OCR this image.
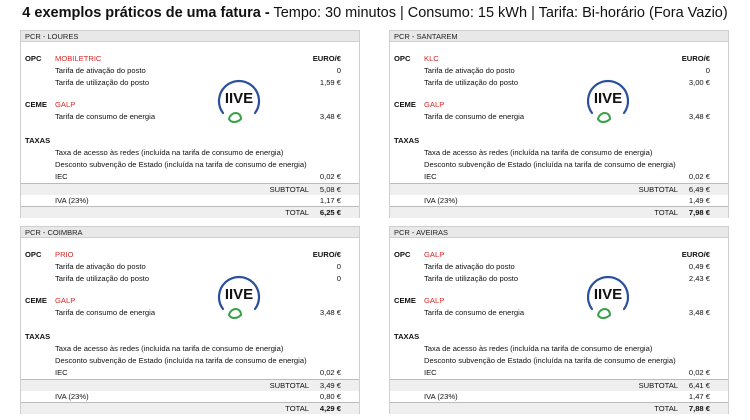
4 exemplos práticos de uma fatura - Tempo: 30 minutos | Consumo: 15 kWh | Tarifa: Bi-horário (Fora Vazio)
PCR - LOURES
OPC MOBILETRIC	EURO/€
Tarifa de ativação do posto	0
Tarifa de utilização do posto	1,59 €
CEME GALP
Tarifa de consumo de energia	3,48 €
TAXAS
Taxa de acesso às redes (incluída na tarifa de consumo de energia)
Desconto subvenção de Estado (incluída na tarifa de consumo de energia)
IEC	0,02 €
SUBTOTAL 5,08 €
IVA (23%)	1,17 €
TOTAL 6,25 €
IIVE
PCR - SANTAREM
OPC KLC	EURO/€
Tarifa de ativação do posto	0
Tarifa de utilização do posto	3,00 €
CEME GALP
Tarifa de consumo de energia	3,48 €
TAXAS
Taxa de acesso às redes (incluída na tarifa de consumo de energia)
Desconto subvenção de Estado (incluída na tarifa de consumo de energia)
IEC	0,02 €
SUBTOTAL 6,49 €
IVA (23%)	1,49 €
TOTAL 7,98 €
IIVE
PCR - COIMBRA
OPC PRIO	EURO/€
Tarifa de ativação do posto	0
Tarifa de utilização do posto	0
CEME GALP
Tarifa de consumo de energia	3,48 €
TAXAS
Taxa de acesso às redes (incluída na tarifa de consumo de energia)
Desconto subvenção de Estado (incluída na tarifa de consumo de energia)
IEC	0,02 €
SUBTOTAL 3,49 €
IVA (23%)	0,80 €
TOTAL 4,29 €
IIVE
PCR - AVEIRAS
OPC GALP	EURO/€
Tarifa de ativação do posto	0,49 €
Tarifa de utilização do posto	2,43 €
CEME GALP
Tarifa de consumo de energia	3,48 €
TAXAS
Taxa de acesso às redes (incluída na tarifa de consumo de energia)
Desconto subvenção de Estado (incluída na tarifa de consumo de energia)
IEC	0,02 €
SUBTOTAL 6,41 €
IVA (23%)	1,47 €
TOTAL 7,88 €
IIVE
